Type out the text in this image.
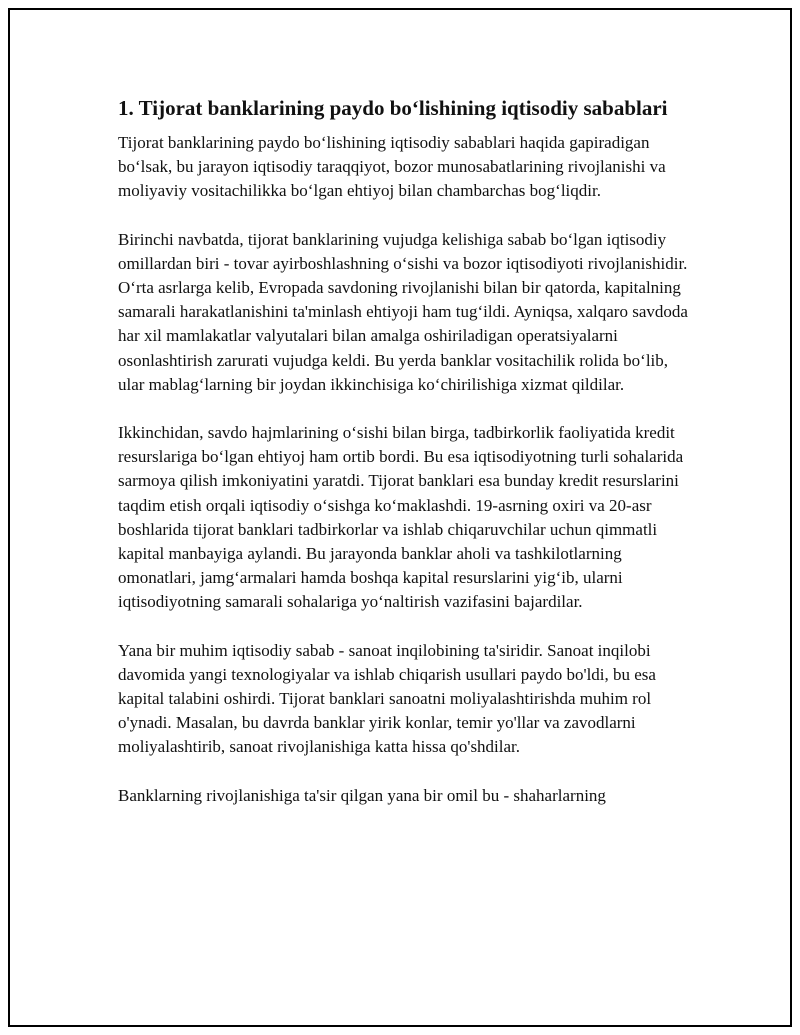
1. Tijorat banklarining paydo bo‘lishining iqtisodiy sabablari

Tijorat banklarining paydo bo‘lishining iqtisodiy sabablari haqida gapiradigan bo‘lsak, bu jarayon iqtisodiy taraqqiyot, bozor munosabatlarining rivojlanishi va moliyaviy vositachilikka bo‘lgan ehtiyoj bilan chambarchas bog‘liqdir.

Birinchi navbatda, tijorat banklarining vujudga kelishiga sabab bo‘lgan iqtisodiy omillardan biri - tovar ayirboshlashning o‘sishi va bozor iqtisodiyoti rivojlanishidir. O‘rta asrlarga kelib, Evropada savdoning rivojlanishi bilan bir qatorda, kapitalning samarali harakatlanishini ta'minlash ehtiyoji ham tug‘ildi. Ayniqsa, xalqaro savdoda har xil mamlakatlar valyutalari bilan amalga oshiriladigan operatsiyalarni osonlashtirish zarurati vujudga keldi. Bu yerda banklar vositachilik rolida bo‘lib, ular mablag‘larning bir joydan ikkinchisiga ko‘chirilishiga xizmat qildilar.

Ikkinchidan, savdo hajmlarining o‘sishi bilan birga, tadbirkorlik faoliyatida kredit resurslariga bo‘lgan ehtiyoj ham ortib bordi. Bu esa iqtisodiyotning turli sohalarida sarmoya qilish imkoniyatini yaratdi. Tijorat banklari esa bunday kredit resurslarini taqdim etish orqali iqtisodiy o‘sishga ko‘maklashdi. 19-asrning oxiri va 20-asr boshlarida tijorat banklari tadbirkorlar va ishlab chiqaruvchilar uchun qimmatli kapital manbayiga aylandi. Bu jarayonda banklar aholi va tashkilotlarning omonatlari, jamg‘armalari hamda boshqa kapital resurslarini yig‘ib, ularni iqtisodiyotning samarali sohalariga yo‘naltirish vazifasini bajardilar.

Yana bir muhim iqtisodiy sabab - sanoat inqilobining ta'siridir. Sanoat inqilobi davomida yangi texnologiyalar va ishlab chiqarish usullari paydo bo'ldi, bu esa kapital talabini oshirdi. Tijorat banklari sanoatni moliyalashtirishda muhim rol o'ynadi. Masalan, bu davrda banklar yirik konlar, temir yo'llar va zavodlarni moliyalashtirib, sanoat rivojlanishiga katta hissa qo'shdilar.

Banklarning rivojlanishiga ta'sir qilgan yana bir omil bu - shaharlarning
